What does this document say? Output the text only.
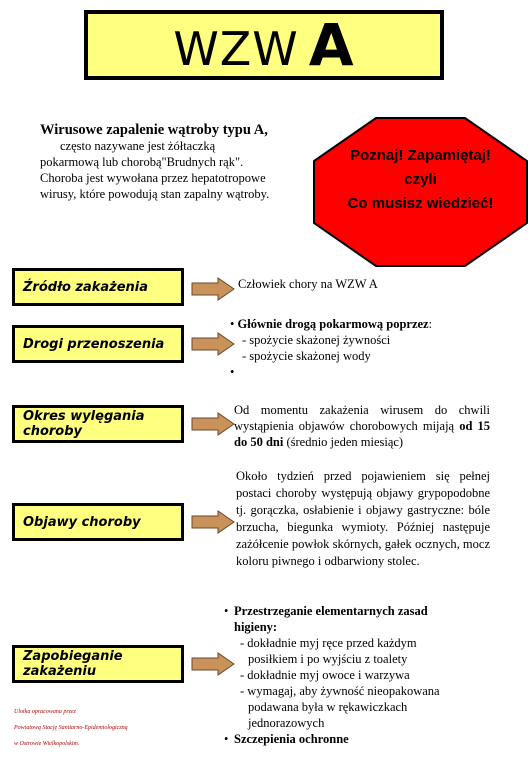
WZW A
Wirusowe zapalenie wątroby typu A,
często nazywane jest żółtaczką
pokarmową lub chorobą"Brudnych rąk".
Choroba jest wywołana przez hepatotropowe
wirusy, które powodują stan zapalny wątroby.
Poznaj! Zapamiętaj!
czyli
Co musisz wiedzieć!
Źródło zakażenia	Człowiek chory na WZW A
Drogi przenoszenia
• Głównie drogą pokarmową poprzez:
- spożycie skażonej żywności
- spożycie skażonej wody
•
Okres wylęgania choroby
Od momentu zakażenia wirusem do chwili wystąpienia objawów chorobowych mijają od 15 do 50 dni (średnio jeden miesiąc)
Objawy choroby
Około tydzień przed pojawieniem się pełnej postaci choroby występują objawy grypopodobne tj. gorączka, osłabienie i objawy gastryczne: bóle brzucha, biegunka wymioty. Później następuje zażółcenie powłok skórnych, gałek ocznych, mocz koloru piwnego i odbarwiony stolec.
Zapobieganie zakażeniu
• Przestrzeganie elementarnych zasad higieny:
- dokładnie myj ręce przed każdym posiłkiem i po wyjściu z toalety
- dokładnie myj owoce i warzywa
- wymagaj, aby żywność nieopakowana podawana była w rękawiczkach jednorazowych
• Szczepienia ochronne
Ulotka opracowana przez
Powiatową Stację Sanitarno-Epidemiologiczną
w Ostrowie Wielkopolskim.
